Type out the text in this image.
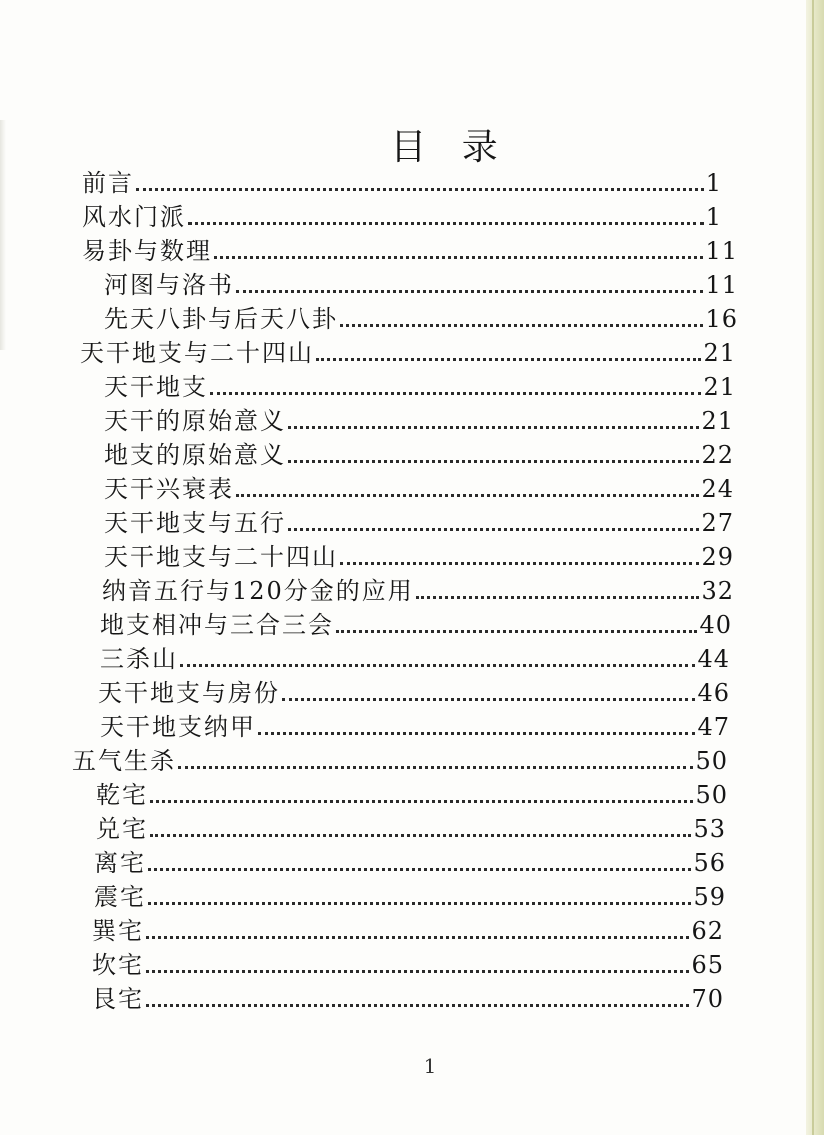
目 录
前言	1
风水门派	1
易卦与数理	11
河图与洛书	11
先天八卦与后天八卦	16
天干地支与二十四山	21
天干地支	21
天干的原始意义	21
地支的原始意义	22
天干兴衰表	24
天干地支与五行	27
天干地支与二十四山	29
纳音五行与120分金的应用	32
地支相冲与三合三会	40
三杀山	44
天干地支与房份	46
天干地支纳甲	47
五气生杀	50
乾宅	50
兑宅	53
离宅	56
震宅	59
巽宅	62
坎宅	65
艮宅	70
1
